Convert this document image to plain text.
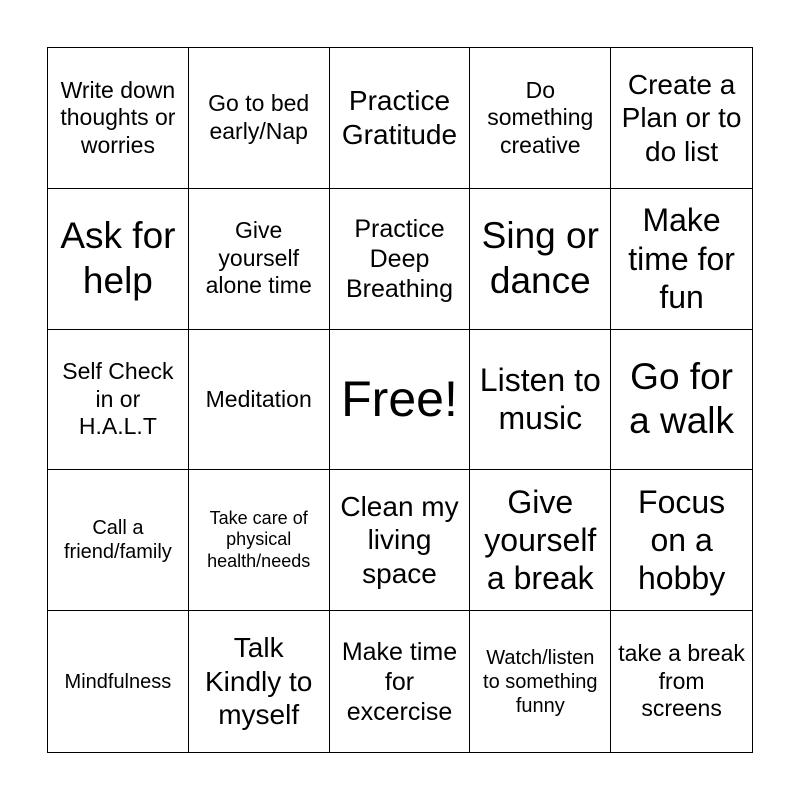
Write down thoughts or worries
Go to bed early/Nap
Practice Gratitude
Do something creative
Create a Plan or to do list
Ask for help
Give yourself alone time
Practice Deep Breathing
Sing or dance
Make time for fun
Self Check in or H.A.L.T
Meditation Free! Listen to music
Go for a walk
Call a friend/family
Take care of physical health/needs
Clean my living space
Give yourself a break
Focus on a hobby
Mindfulness
Talk Kindly to myself
Make time for excercise
Watch/listen to something funny
take a break from screens
